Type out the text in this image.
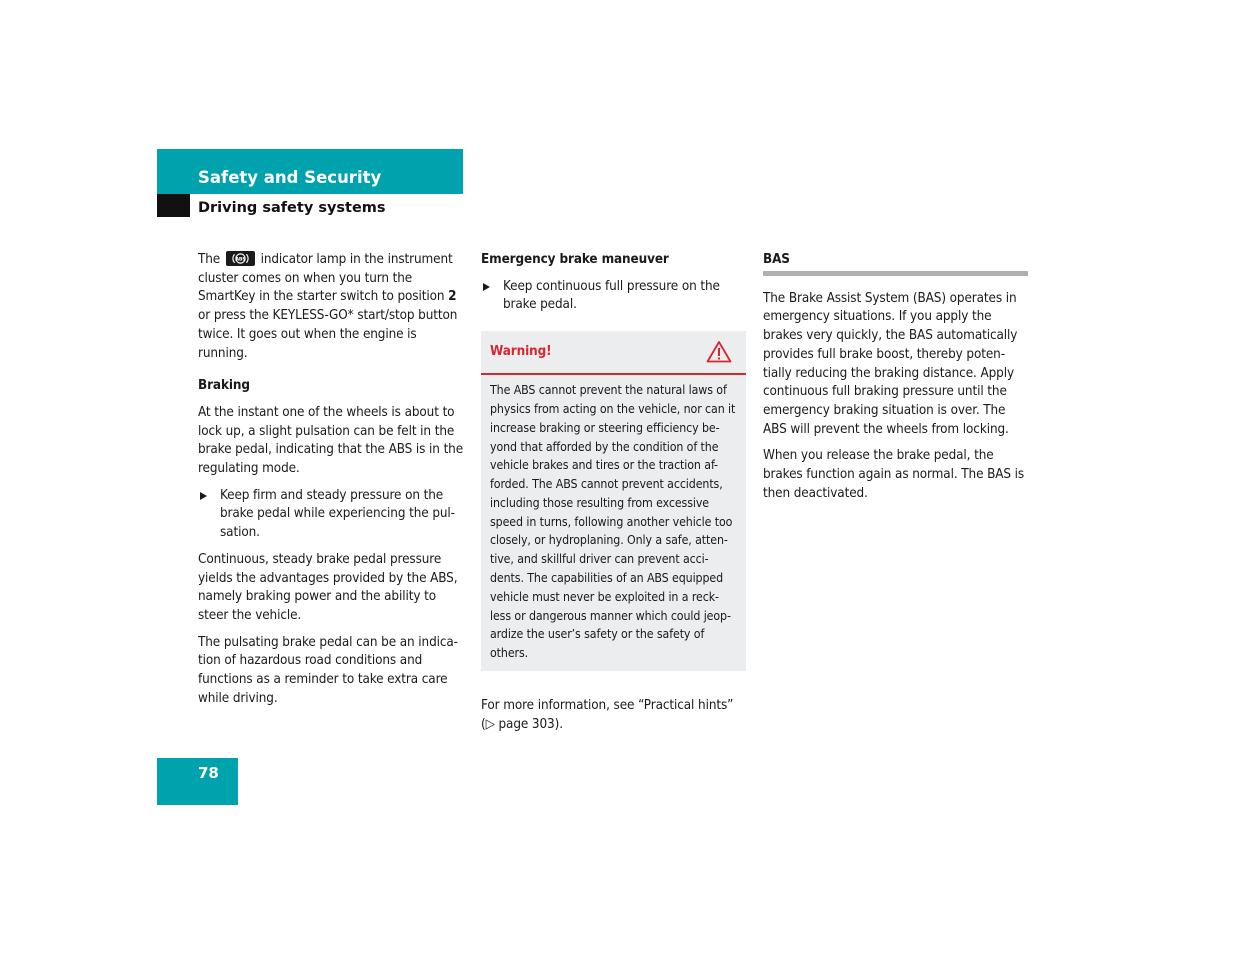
Safety and Security
Driving safety systems

The	ABS indicator lamp in the instrument cluster comes on when you turn the SmartKey in the starter switch to position 2 or press the KEYLESS-GO* start/stop button twice. It goes out when the engine is running.

Braking

At the instant one of the wheels is about to lock up, a slight pulsation can be felt in the brake pedal, indicating that the ABS is in the regulating mode.

Keep firm and steady pressure on the brake pedal while experiencing the pul-sation.

Continuous, steady brake pedal pressure yields the advantages provided by the ABS, namely braking power and the ability to steer the vehicle.

The pulsating brake pedal can be an indica-tion of hazardous road conditions and functions as a reminder to take extra care while driving.

Emergency brake maneuver
Keep continuous full pressure on the brake pedal.
Warning!
The ABS cannot prevent the natural laws of physics from acting on the vehicle, nor can it increase braking or steering efficiency be-yond that afforded by the condition of the vehicle brakes and tires or the traction af-forded. The ABS cannot prevent accidents, including those resulting from excessive speed in turns, following another vehicle too closely, or hydroplaning. Only a safe, atten-tive, and skillful driver can prevent acci-dents. The capabilities of an ABS equipped vehicle must never be exploited in a reck-less or dangerous manner which could jeop-ardize the user’s safety or the safety of others.

For more information, see “Practical hints” (▷ page 303).

BAS

The Brake Assist System (BAS) operates in emergency situations. If you apply the brakes very quickly, the BAS automatically provides full brake boost, thereby poten-tially reducing the braking distance. Apply continuous full braking pressure until the emergency braking situation is over. The ABS will prevent the wheels from locking.

When you release the brake pedal, the brakes function again as normal. The BAS is then deactivated.

78
